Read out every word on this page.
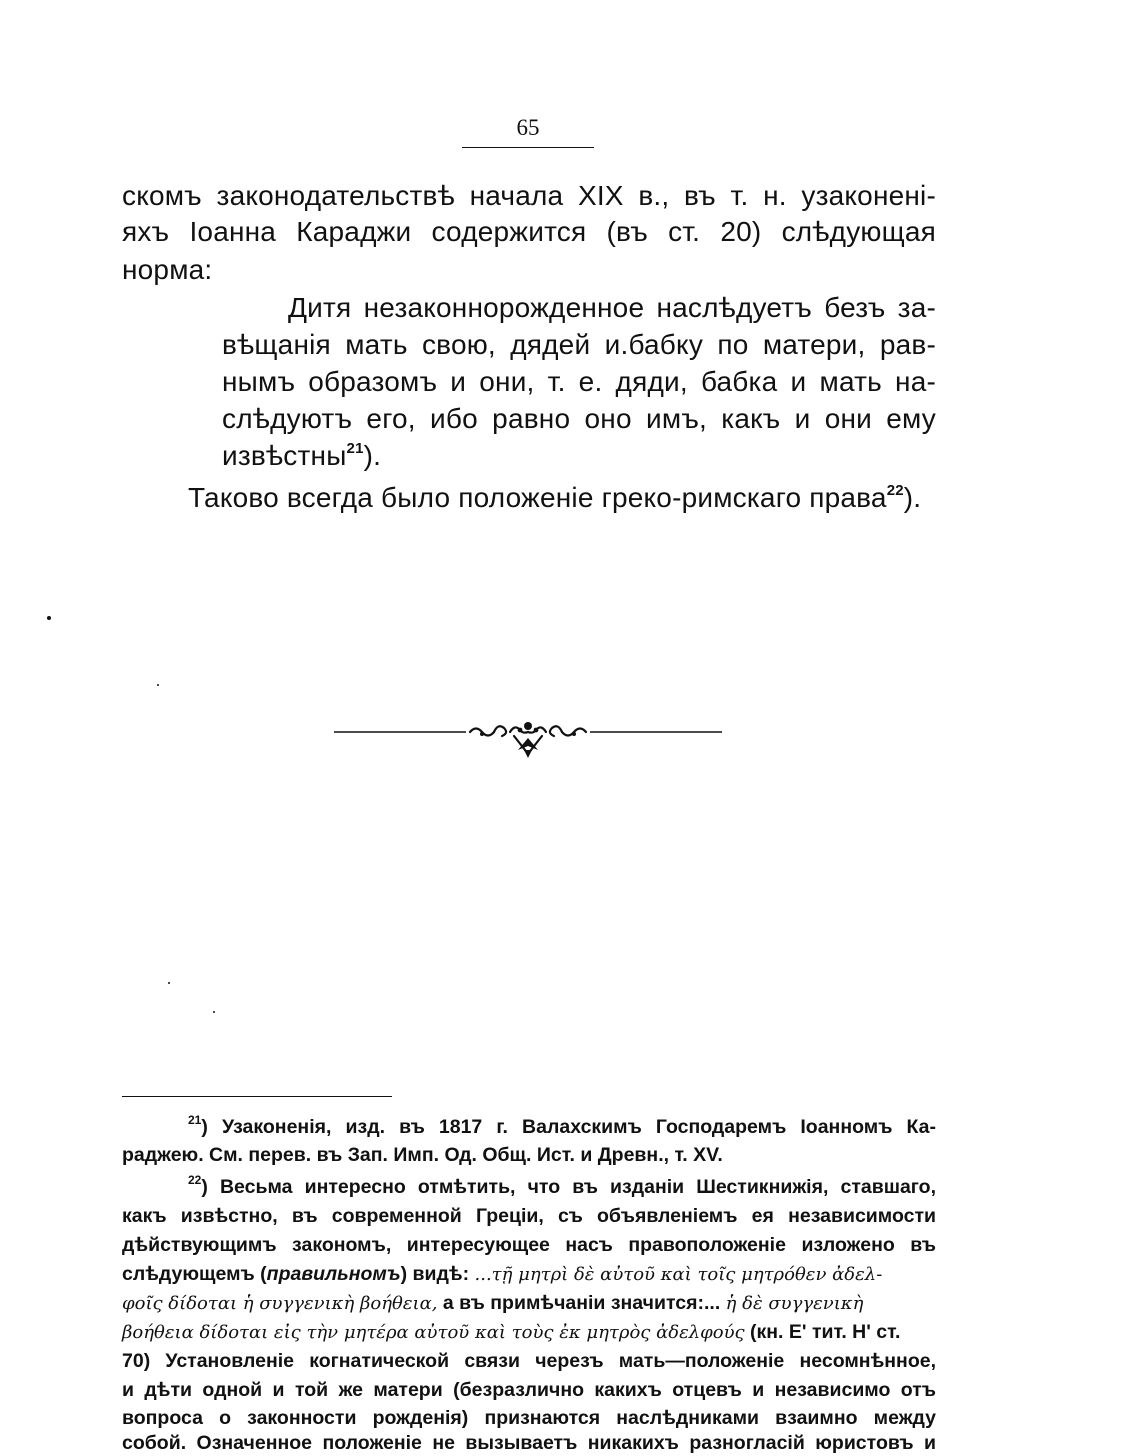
65
скомъ законодательствѣ начала XIX в., въ т. н. узаконені-
яхъ Іоанна Караджи содержится (въ ст. 20) слѣдующая
норма:
Дитя незаконнорожденное наслѣдуетъ безъ за-
вѣщанія мать свою, дядей и.бабку по матери, рав-
нымъ образомъ и они, т. е. дяди, бабка и мать на-
слѣдуютъ его, ибо равно оно имъ, какъ и они ему
извѣстны$^{21}$).
Таково всегда было положеніе греко-римскаго права$^{22}$).
$^{21}$) Узаконенія, изд. въ 1817 г. Валахскимъ Господаремъ Іоанномъ Ка-
раджею. См. перев. въ Зап. Имп. Од. Общ. Ист. и Древн., т. XV.
$^{22}$) Весьма интересно отмѣтить, что въ изданіи Шестикнижія, ставшаго,
какъ извѣстно, въ современной Греціи, съ объявленіемъ ея независимости
дѣйствующимъ закономъ, интересующее насъ правоположеніе изложено въ
слѣдующемъ (правильномъ) видѣ: ...τῇ μητρὶ δὲ αὐτοῦ καὶ τοῖς μητρόθεν ἀδελ-
φοῖς δίδοται ἡ συγγενικὴ βοήθεια, а въ примѣчаніи значится:... ἡ δὲ συγγενικὴ
βοήθεια δίδοται εἰς τὴν μητέρα αὐτοῦ καὶ τοὺς ἐκ μητρὸς ἀδελφούς (кн. Е' тит. Н' ст.
70) Установленіе когнатической связи черезъ мать—положеніе несомнѣнное,
и дѣти одной и той же матери (безразлично какихъ отцевъ и независимо отъ
вопроса о законности рожденія) признаются наслѣдниками взаимно между
собой. Означенное положеніе не вызываетъ никакихъ разногласій юристовъ и
